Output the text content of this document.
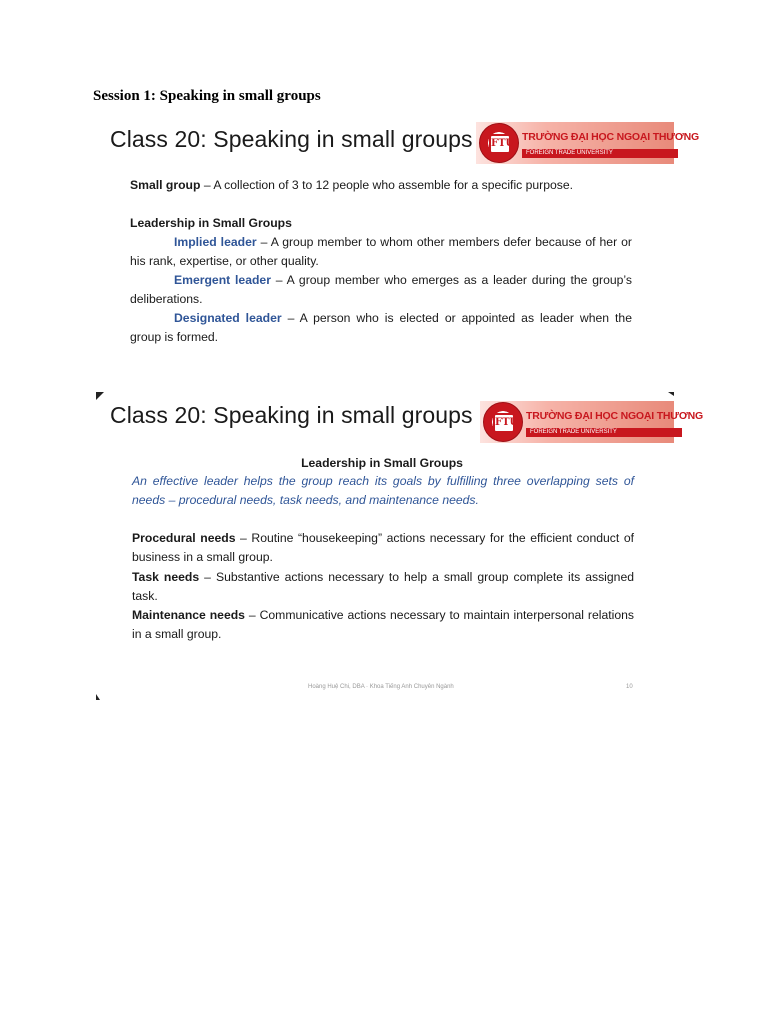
Session 1: Speaking in small groups
Class 20: Speaking in small groups FTU
TRƯỜNG ĐẠI HỌC NGOẠI THƯƠNG
FOREIGN TRADE UNIVERSITY
Small group – A collection of 3 to 12 people who assemble for a specific purpose.
Leadership in Small Groups
Implied leader – A group member to whom other members defer because of her or his rank, expertise, or other quality.
Emergent leader – A group member who emerges as a leader during the group’s deliberations.
Designated leader – A person who is elected or appointed as leader when the group is formed.
Class 20: Speaking in small groups FTU
TRƯỜNG ĐẠI HỌC NGOẠI THƯƠNG
FOREIGN TRADE UNIVERSITY
Leadership in Small Groups
An effective leader helps the group reach its goals by fulfilling three overlapping sets of needs – procedural needs, task needs, and maintenance needs.
Procedural needs – Routine “housekeeping” actions necessary for the efficient conduct of business in a small group.
Task needs – Substantive actions necessary to help a small group complete its assigned task.
Maintenance needs – Communicative actions necessary to maintain interpersonal relations in a small group.
Hoàng Huệ Chi, DBA · Khoa Tiếng Anh Chuyên Ngành	10
